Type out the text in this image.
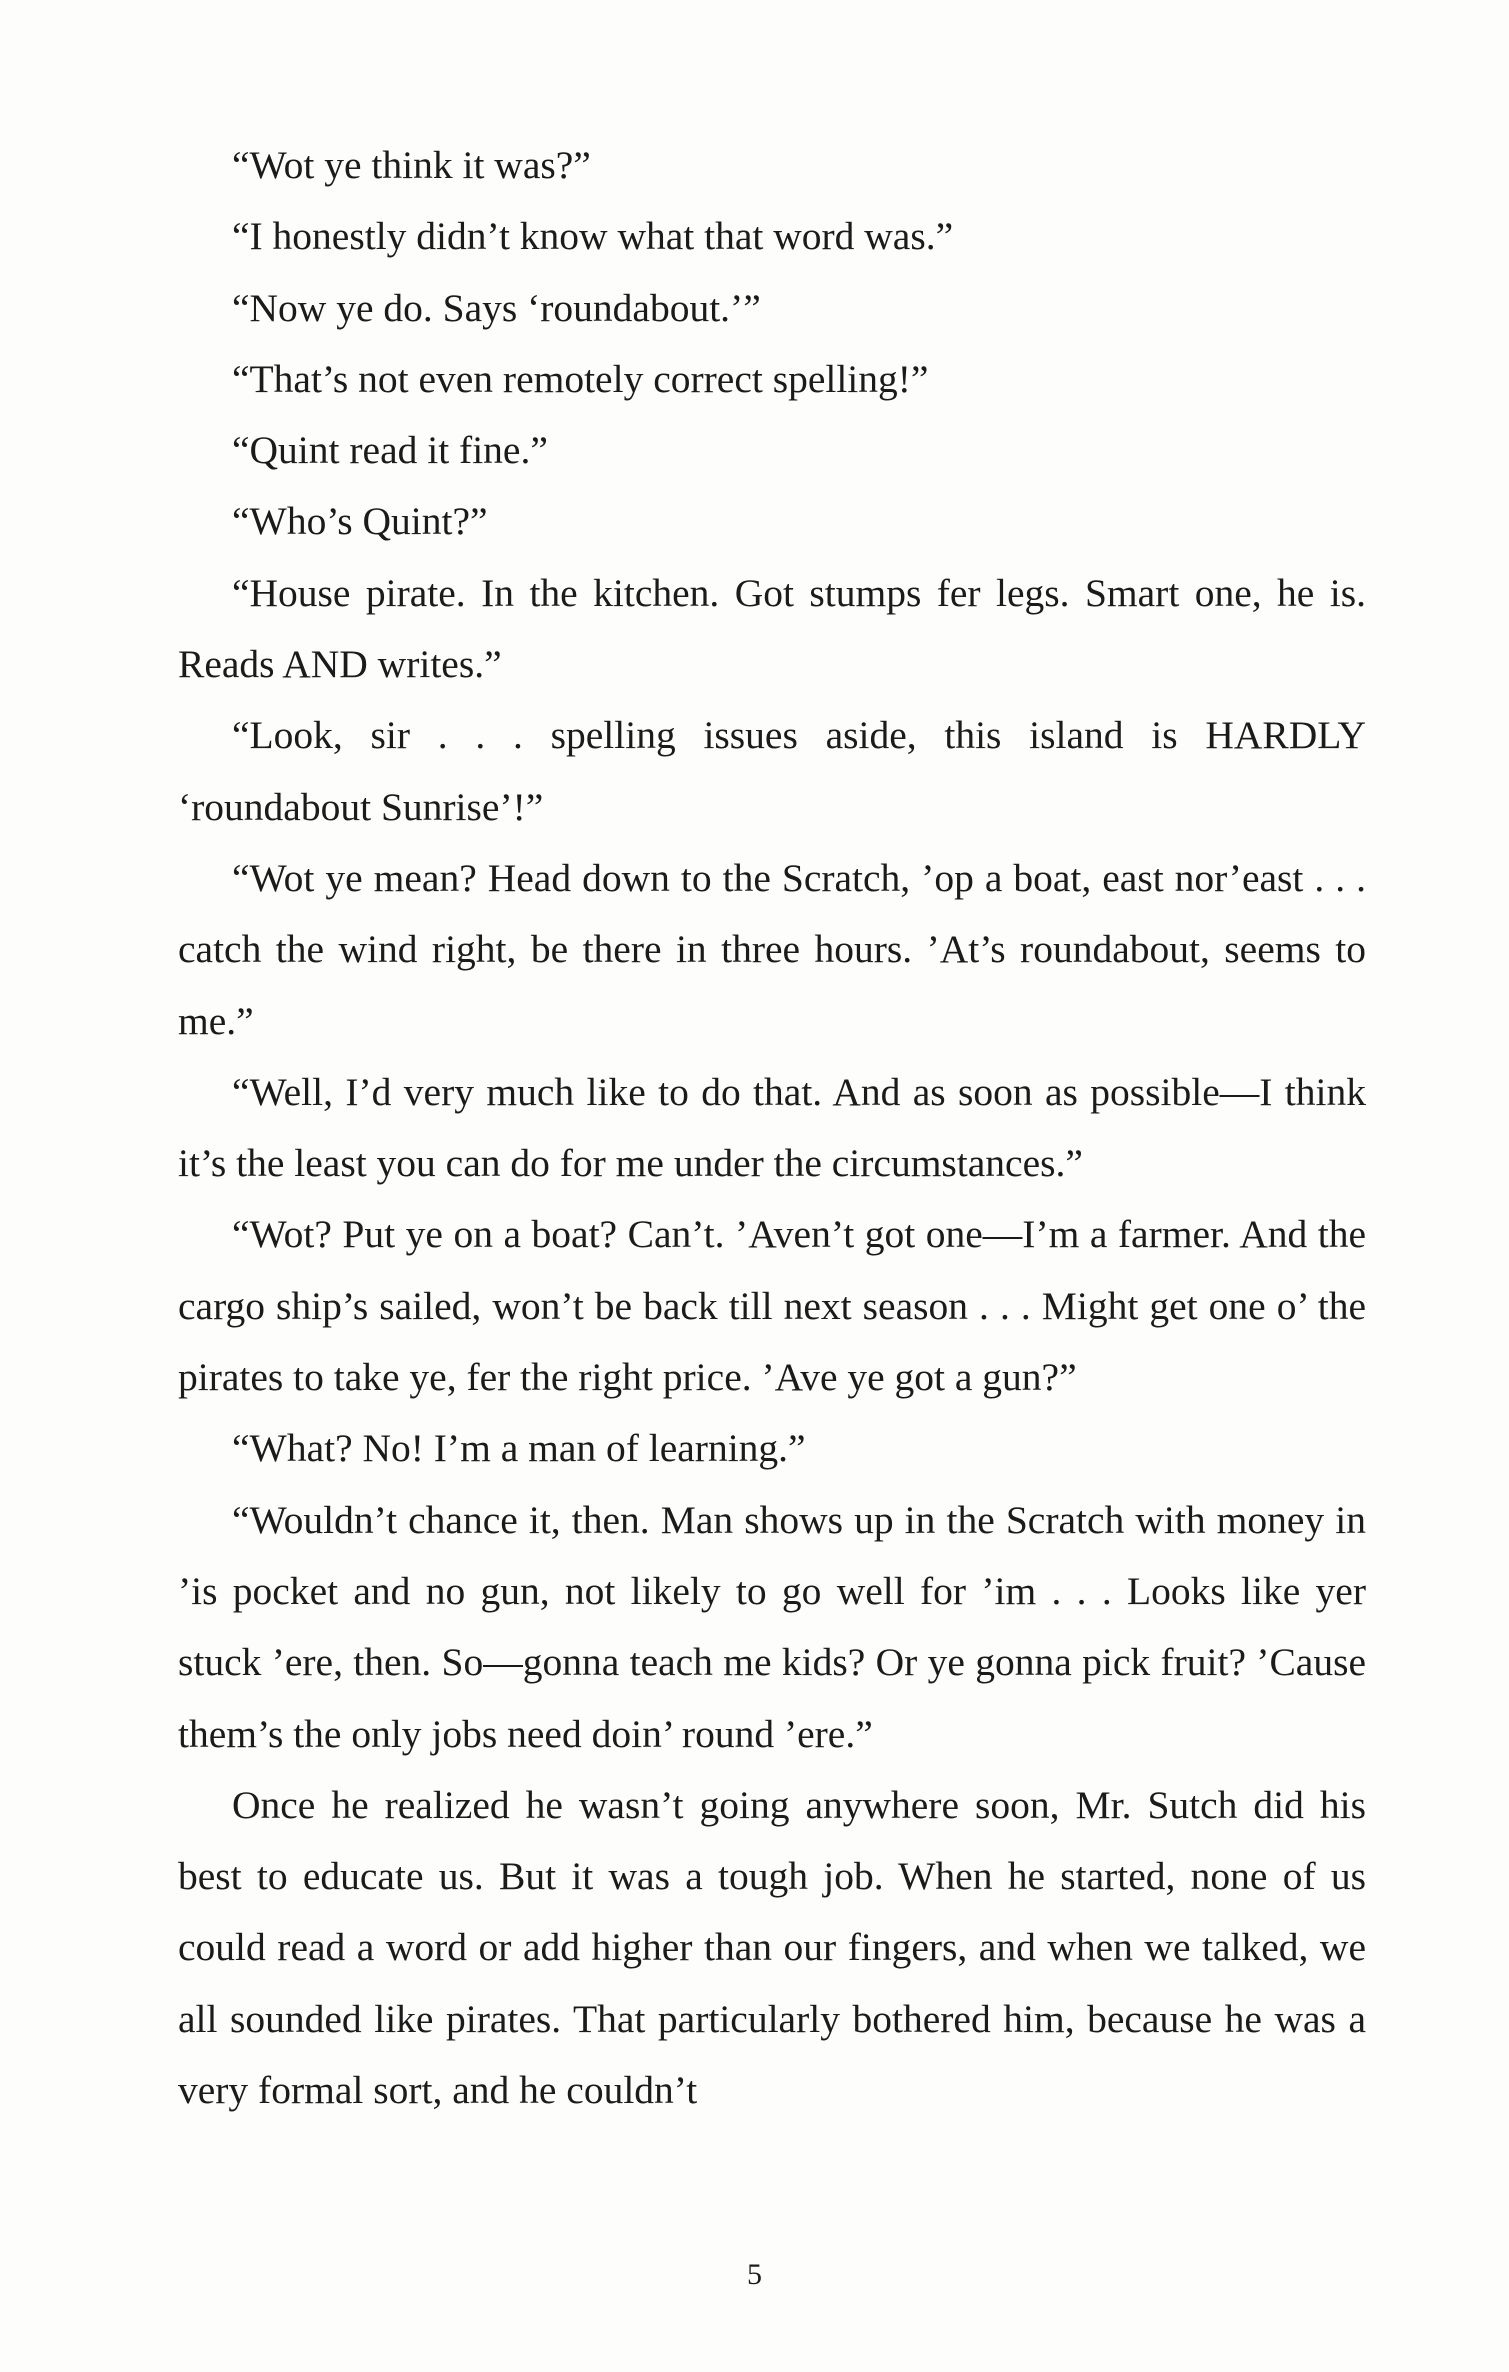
“Wot ye think it was?”

“I honestly didn’t know what that word was.”

“Now ye do. Says ‘roundabout.’”

“That’s not even remotely correct spelling!”

“Quint read it fine.”

“Who’s Quint?”

“House pirate. In the kitchen. Got stumps fer legs. Smart one, he is. Reads AND writes.”

“Look, sir . . . spelling issues aside, this island is HARDLY ‘roundabout Sunrise’!”

“Wot ye mean? Head down to the Scratch, ’op a boat, east nor’east . . . catch the wind right, be there in three hours. ’At’s roundabout, seems to me.”

“Well, I’d very much like to do that. And as soon as possible—I think it’s the least you can do for me under the circumstances.”

“Wot? Put ye on a boat? Can’t. ’Aven’t got one—I’m a farmer. And the cargo ship’s sailed, won’t be back till next season . . . Might get one o’ the pirates to take ye, fer the right price. ’Ave ye got a gun?”

“What? No! I’m a man of learning.”

“Wouldn’t chance it, then. Man shows up in the Scratch with money in ’is pocket and no gun, not likely to go well for ’im . . . Looks like yer stuck ’ere, then. So—gonna teach me kids? Or ye gonna pick fruit? ’Cause them’s the only jobs need doin’ round ’ere.”

Once he realized he wasn’t going anywhere soon, Mr. Sutch did his best to educate us. But it was a tough job. When he started, none of us could read a word or add higher than our fingers, and when we talked, we all sounded like pirates. That particularly bothered him, because he was a very formal sort, and he couldn’t

5
